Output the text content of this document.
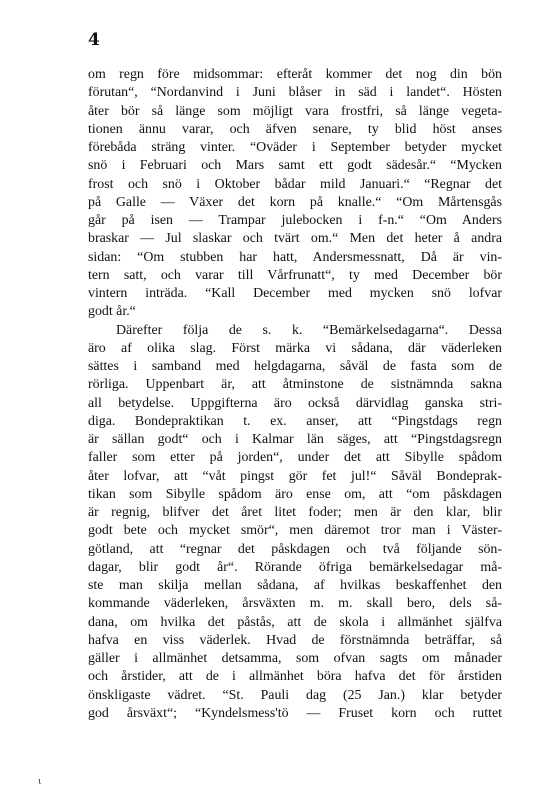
4
om regn före midsommar: efteråt kommer det nog din bön
förutan“, “Nordanvind i Juni blåser in säd i landet“. Hösten
åter bör så länge som möjligt vara frostfri, så länge vegeta-
tionen ännu varar, och äfven senare, ty blid höst anses
förebåda sträng vinter. “Oväder i September betyder mycket
snö i Februari och Mars samt ett godt sädesår.“ “Mycken
frost och snö i Oktober bådar mild Januari.“ “Regnar det
på Galle — Växer det korn på knalle.“ “Om Mårtensgås
går på isen — Trampar julebocken i f-n.“ “Om Anders
braskar — Jul slaskar och tvärt om.“ Men det heter å andra
sidan: “Om stubben har hatt, Andersmessnatt, Då är vin-
tern satt, och varar till Vårfrunatt“, ty med December bör
vintern inträda. “Kall December med mycken snö lofvar
godt år.“
Därefter följa de s. k. “Bemärkelsedagarna“. Dessa
äro af olika slag. Först märka vi sådana, där väderleken
sättes i samband med helgdagarna, såväl de fasta som de
rörliga. Uppenbart är, att åtminstone de sistnämnda sakna
all betydelse. Uppgifterna äro också därvidlag ganska stri-
diga. Bondepraktikan t. ex. anser, att “Pingstdags regn
är sällan godt“ och i Kalmar län säges, att “Pingstdagsregn
faller som etter på jorden“, under det att Sibylle spådom
åter lofvar, att “våt pingst gör fet jul!“ Såväl Bondeprak-
tikan som Sibylle spådom äro ense om, att “om påskdagen
är regnig, blifver det året litet foder; men är den klar, blir
godt bete och mycket smör“, men däremot tror man i Väster-
götland, att “regnar det påskdagen och två följande sön-
dagar, blir godt år“. Rörande öfriga bemärkelsedagar må-
ste man skilja mellan sådana, af hvilkas beskaffenhet den
kommande väderleken, årsväxten m. m. skall bero, dels så-
dana, om hvilka det påstås, att de skola i allmänhet själfva
hafva en viss väderlek. Hvad de förstnämnda beträffar, så
gäller i allmänhet detsamma, som ofvan sagts om månader
och årstider, att de i allmänhet böra hafva det för årstiden
önskligaste vädret. “St. Pauli dag (25 Jan.) klar betyder
god årsväxt“; “Kyndelsmess'tö — Fruset korn och ruttet
ι
